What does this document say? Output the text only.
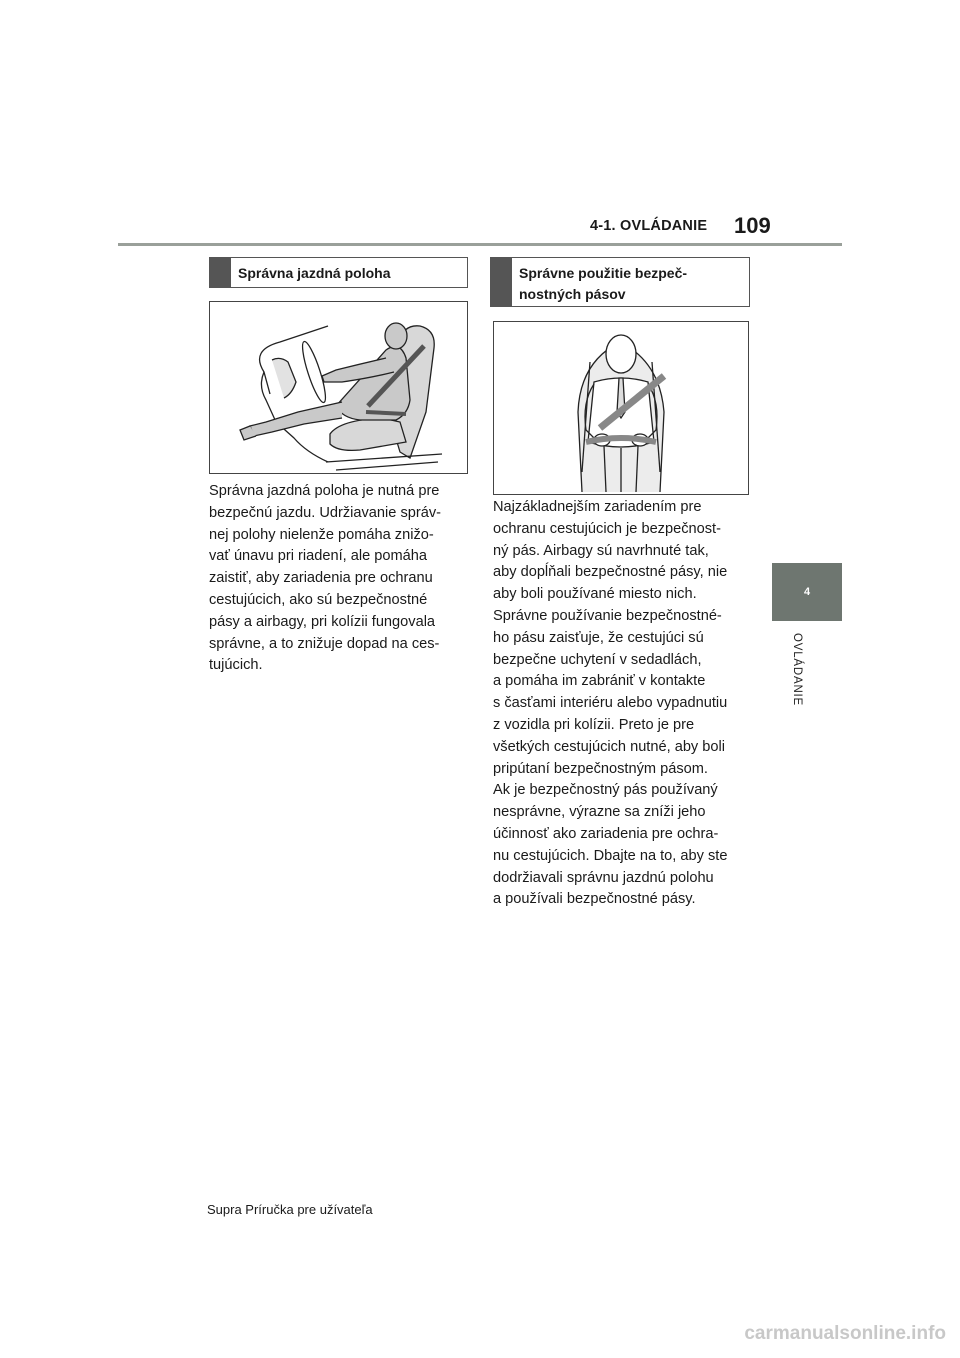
4-1. OVLÁDANIE 109
4
OVLÁDANIE
Správna jazdná poloha

Správna jazdná poloha je nutná pre

bezpečnú jazdu. Udržiavanie správ-

nej polohy nielenže pomáha znižo-

vať únavu pri riadení, ale pomáha

zaistiť, aby zariadenia pre ochranu

cestujúcich, ako sú bezpečnostné

pásy a airbagy, pri kolízii fungovala

správne, a to znižuje dopad na ces-

tujúcich.

Správne použitie bezpeč-
nostných pásov

Najzákladnejším zariadením pre

ochranu cestujúcich je bezpečnost-

ný pás. Airbagy sú navrhnuté tak,

aby dopĺňali bezpečnostné pásy, nie

aby boli používané miesto nich.

Správne používanie bezpečnostné-

ho pásu zaisťuje, že cestujúci sú

bezpečne uchytení v sedadlách,

a pomáha im zabrániť v kontakte

s časťami interiéru alebo vypadnutiu

z vozidla pri kolízii. Preto je pre

všetkých cestujúcich nutné, aby boli

pripútaní bezpečnostným pásom.

Ak je bezpečnostný pás používaný

nesprávne, výrazne sa zníži jeho

účinnosť ako zariadenia pre ochra-

nu cestujúcich. Dbajte na to, aby ste

dodržiavali správnu jazdnú polohu

a používali bezpečnostné pásy.

Supra Príručka pre užívateľa
carmanualsonline.info
